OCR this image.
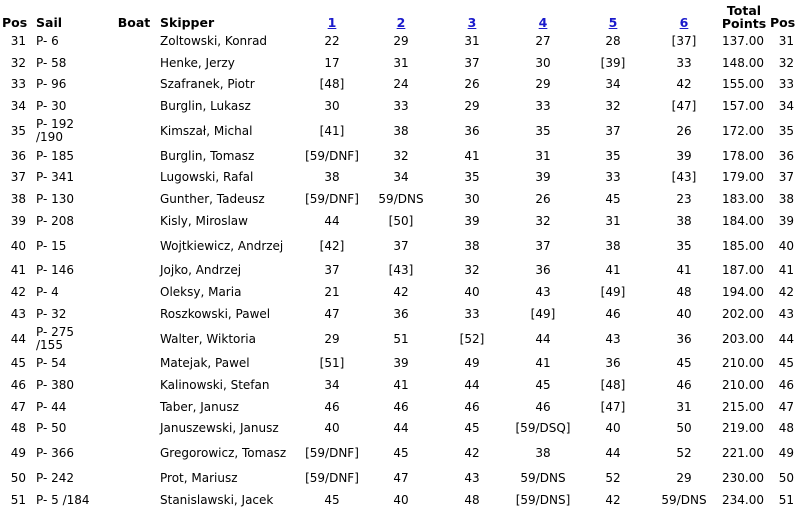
Pos	Sail	Boat	Skipper	1	2	3	4	5	6	Total Points	Pos
31	P- 6		Zoltowski, Konrad	22	29	31	27	28	[37]	137.00	31
32	P- 58		Henke, Jerzy	17	31	37	30	[39]	33	148.00	32
33	P- 96		Szafranek, Piotr	[48]	24	26	29	34	42	155.00	33
34	P- 30		Burglin, Lukasz	30	33	29	33	32	[47]	157.00	34
35	P- 192 /190		Kimszał, Michal	[41]	38	36	35	37	26	172.00	35
36	P- 185		Burglin, Tomasz	[59/DNF]	32	41	31	35	39	178.00	36
37	P- 341		Lugowski, Rafal	38	34	35	39	33	[43]	179.00	37
38	P- 130		Gunther, Tadeusz	[59/DNF]	59/DNS	30	26	45	23	183.00	38
39	P- 208		Kisly, Miroslaw	44	[50]	39	32	31	38	184.00	39
40	P- 15		Wojtkiewicz, Andrzej	[42]	37	38	37	38	35	185.00	40
41	P- 146		Jojko, Andrzej	37	[43]	32	36	41	41	187.00	41
42	P- 4		Oleksy, Maria	21	42	40	43	[49]	48	194.00	42
43	P- 32		Roszkowski, Pawel	47	36	33	[49]	46	40	202.00	43
44	P- 275 /155		Walter, Wiktoria	29	51	[52]	44	43	36	203.00	44
45	P- 54		Matejak, Pawel	[51]	39	49	41	36	45	210.00	45
46	P- 380		Kalinowski, Stefan	34	41	44	45	[48]	46	210.00	46
47	P- 44		Taber, Janusz	46	46	46	46	[47]	31	215.00	47
48	P- 50		Januszewski, Janusz	40	44	45	[59/DSQ]	40	50	219.00	48
49	P- 366		Gregorowicz, Tomasz	[59/DNF]	45	42	38	44	52	221.00	49
50	P- 242		Prot, Mariusz	[59/DNF]	47	43	59/DNS	52	29	230.00	50
51	P- 5 /184		Stanislawski, Jacek	45	40	48	[59/DNS]	42	59/DNS	234.00	51
